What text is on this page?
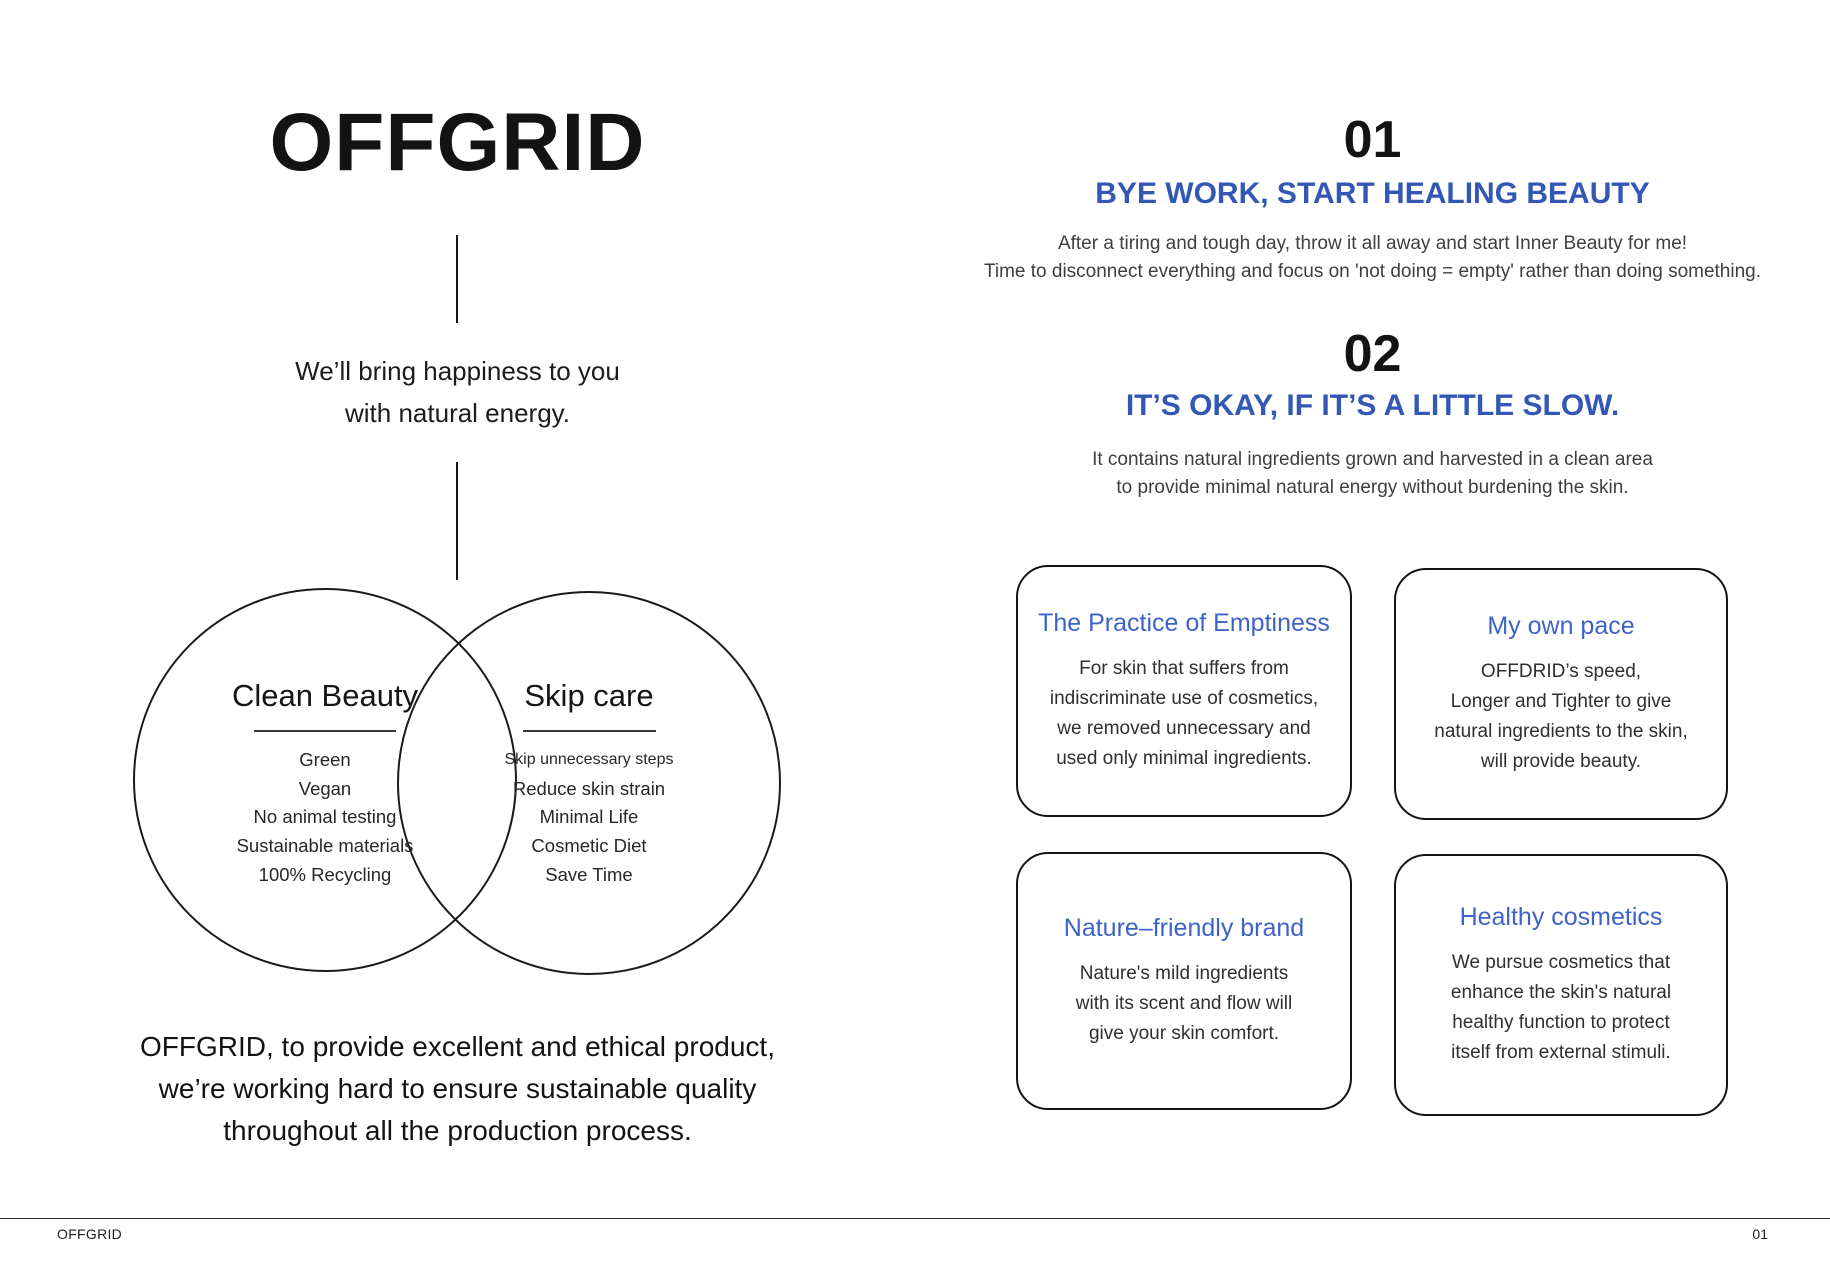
OFFGRID

We’ll bring happiness to you
with natural energy.

Clean Beauty
Green
Vegan
No animal testing
Sustainable materials
100% Recycling
Skip care
Skip unnecessary steps
Reduce skin strain
Minimal Life
Cosmetic Diet
Save Time

OFFGRID, to provide excellent and ethical product,
we’re working hard to ensure sustainable quality
throughout all the production process.

01
BYE WORK, START HEALING BEAUTY

After a tiring and tough day, throw it all away and start Inner Beauty for me!
Time to disconnect everything and focus on 'not doing = empty' rather than doing something.

02
IT’S OKAY, IF IT’S A LITTLE SLOW.

It contains natural ingredients grown and harvested in a clean area
to provide minimal natural energy without burdening the skin.

The Practice of Emptiness
For skin that suffers from
indiscriminate use of cosmetics,
we removed unnecessary and
used only minimal ingredients.
My own pace
OFFDRID’s speed,
Longer and Tighter to give
natural ingredients to the skin,
will provide beauty.
Nature–friendly brand
Nature's mild ingredients
with its scent and flow will
give your skin comfort.
Healthy cosmetics
We pursue cosmetics that
enhance the skin's natural
healthy function to protect
itself from external stimuli.
OFFGRID	01
